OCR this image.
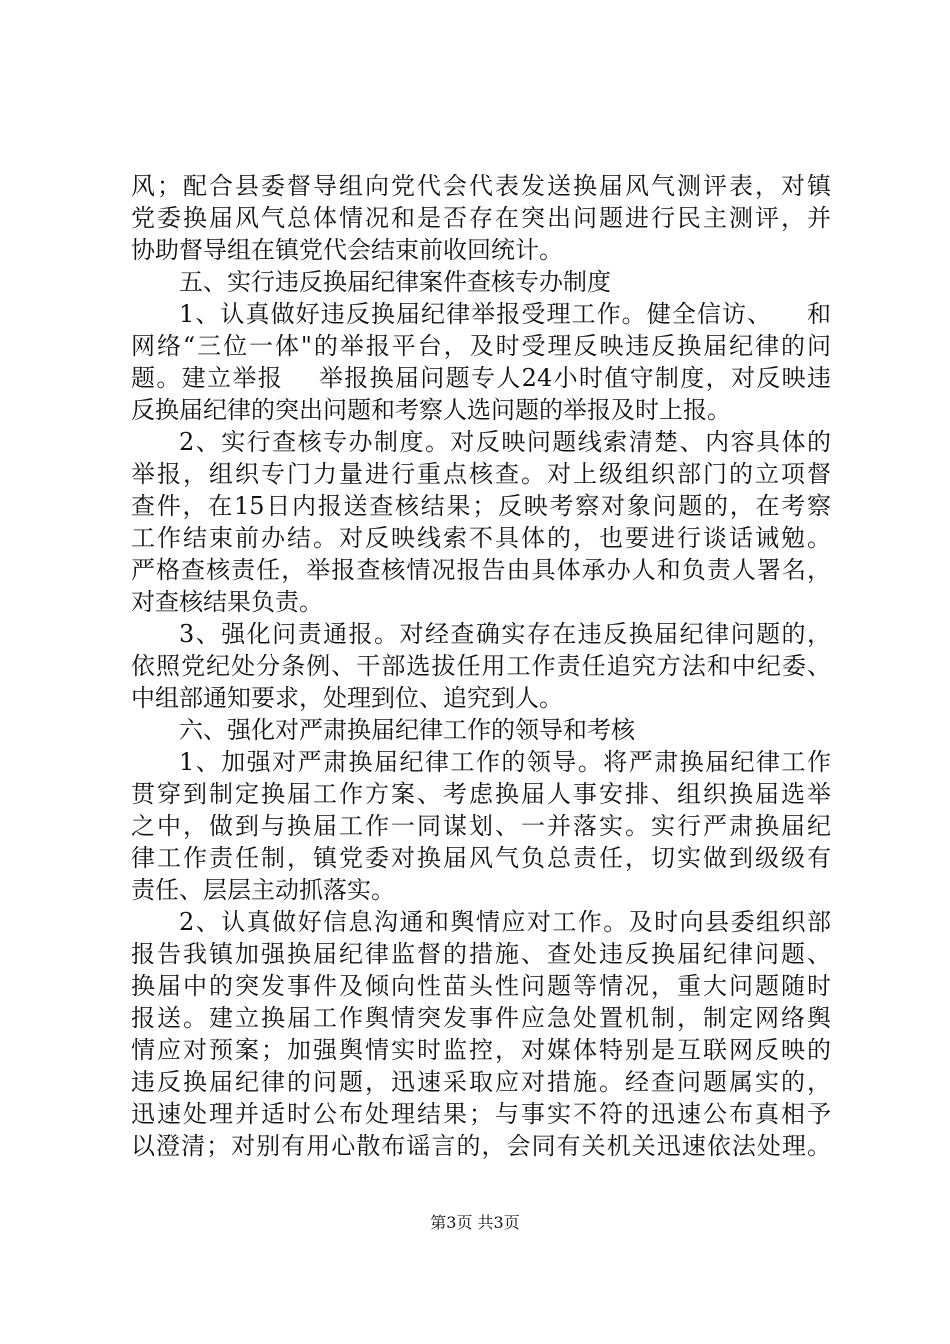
风；配合县委督导组向党代会代表发送换届风气测评表，对镇
党委换届风气总体情况和是否存在突出问题进行民主测评，并
协助督导组在镇党代会结束前收回统计。
五、实行违反换届纪律案件查核专办制度
1、认真做好违反换届纪律举报受理工作。健全信访、    和
网络“三位一体"的举报平台，及时受理反映违反换届纪律的问
题。建立举报    举报换届问题专人24小时值守制度，对反映违
反换届纪律的突出问题和考察人选问题的举报及时上报。
2、实行查核专办制度。对反映问题线索清楚、内容具体的
举报，组织专门力量进行重点核查。对上级组织部门的立项督
查件，在15日内报送查核结果；反映考察对象问题的，在考察
工作结束前办结。对反映线索不具体的，也要进行谈话诫勉。
严格查核责任，举报查核情况报告由具体承办人和负责人署名，
对查核结果负责。
3、强化问责通报。对经查确实存在违反换届纪律问题的，
依照党纪处分条例、干部选拔任用工作责任追究方法和中纪委、
中组部通知要求，处理到位、追究到人。
六、强化对严肃换届纪律工作的领导和考核
1、加强对严肃换届纪律工作的领导。将严肃换届纪律工作
贯穿到制定换届工作方案、考虑换届人事安排、组织换届选举
之中，做到与换届工作一同谋划、一并落实。实行严肃换届纪
律工作责任制，镇党委对换届风气负总责任，切实做到级级有
责任、层层主动抓落实。
2、认真做好信息沟通和舆情应对工作。及时向县委组织部
报告我镇加强换届纪律监督的措施、查处违反换届纪律问题、
换届中的突发事件及倾向性苗头性问题等情况，重大问题随时
报送。建立换届工作舆情突发事件应急处置机制，制定网络舆
情应对预案；加强舆情实时监控，对媒体特别是互联网反映的
违反换届纪律的问题，迅速采取应对措施。经查问题属实的，
迅速处理并适时公布处理结果；与事实不符的迅速公布真相予
以澄清；对别有用心散布谣言的，会同有关机关迅速依法处理。
第3页 共3页
